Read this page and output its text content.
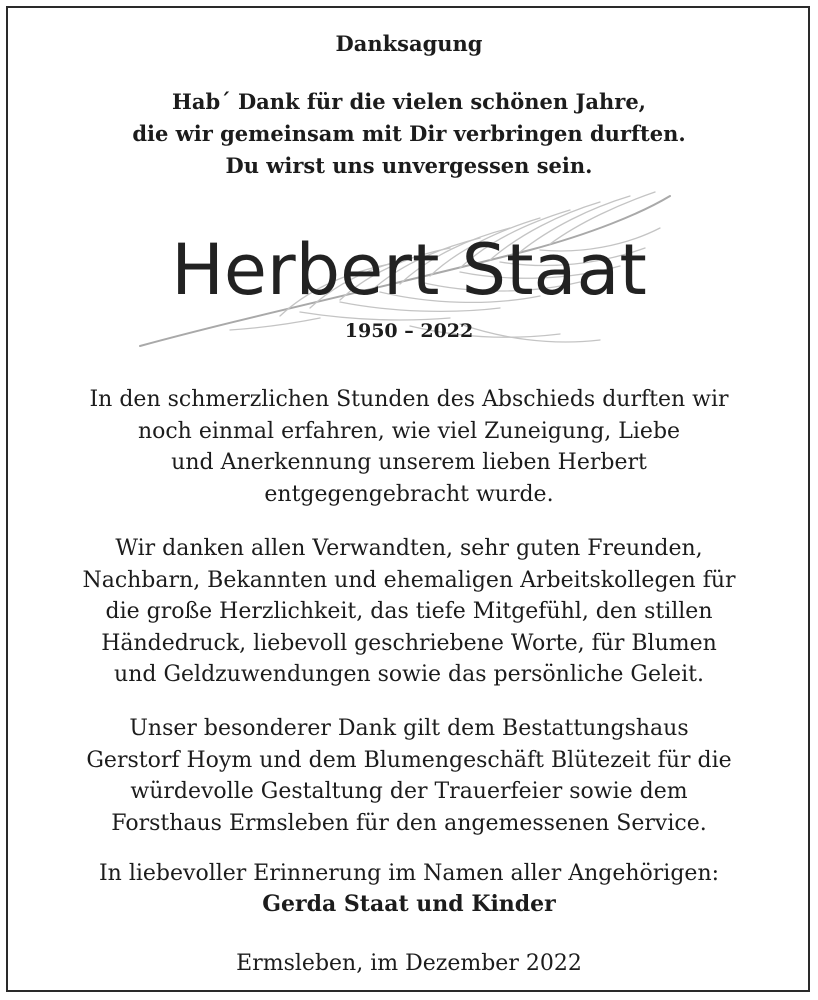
Danksagung
Hab´ Dank für die vielen schönen Jahre,
die wir gemeinsam mit Dir verbringen durften.
Du wirst uns unvergessen sein.
Herbert Staat
1950 – 2022
In den schmerzlichen Stunden des Abschieds durften wir
noch einmal erfahren, wie viel Zuneigung, Liebe
und Anerkennung unserem lieben Herbert
entgegengebracht wurde.
Wir danken allen Verwandten, sehr guten Freunden,
Nachbarn, Bekannten und ehemaligen Arbeitskollegen für
die große Herzlichkeit, das tiefe Mitgefühl, den stillen
Händedruck, liebevoll geschriebene Worte, für Blumen
und Geldzuwendungen sowie das persönliche Geleit.
Unser besonderer Dank gilt dem Bestattungshaus
Gerstorf Hoym und dem Blumengeschäft Blütezeit für die
würdevolle Gestaltung der Trauerfeier sowie dem
Forsthaus Ermsleben für den angemessenen Service.
In liebevoller Erinnerung im Namen aller Angehörigen:
Gerda Staat und Kinder
Ermsleben, im Dezember 2022
